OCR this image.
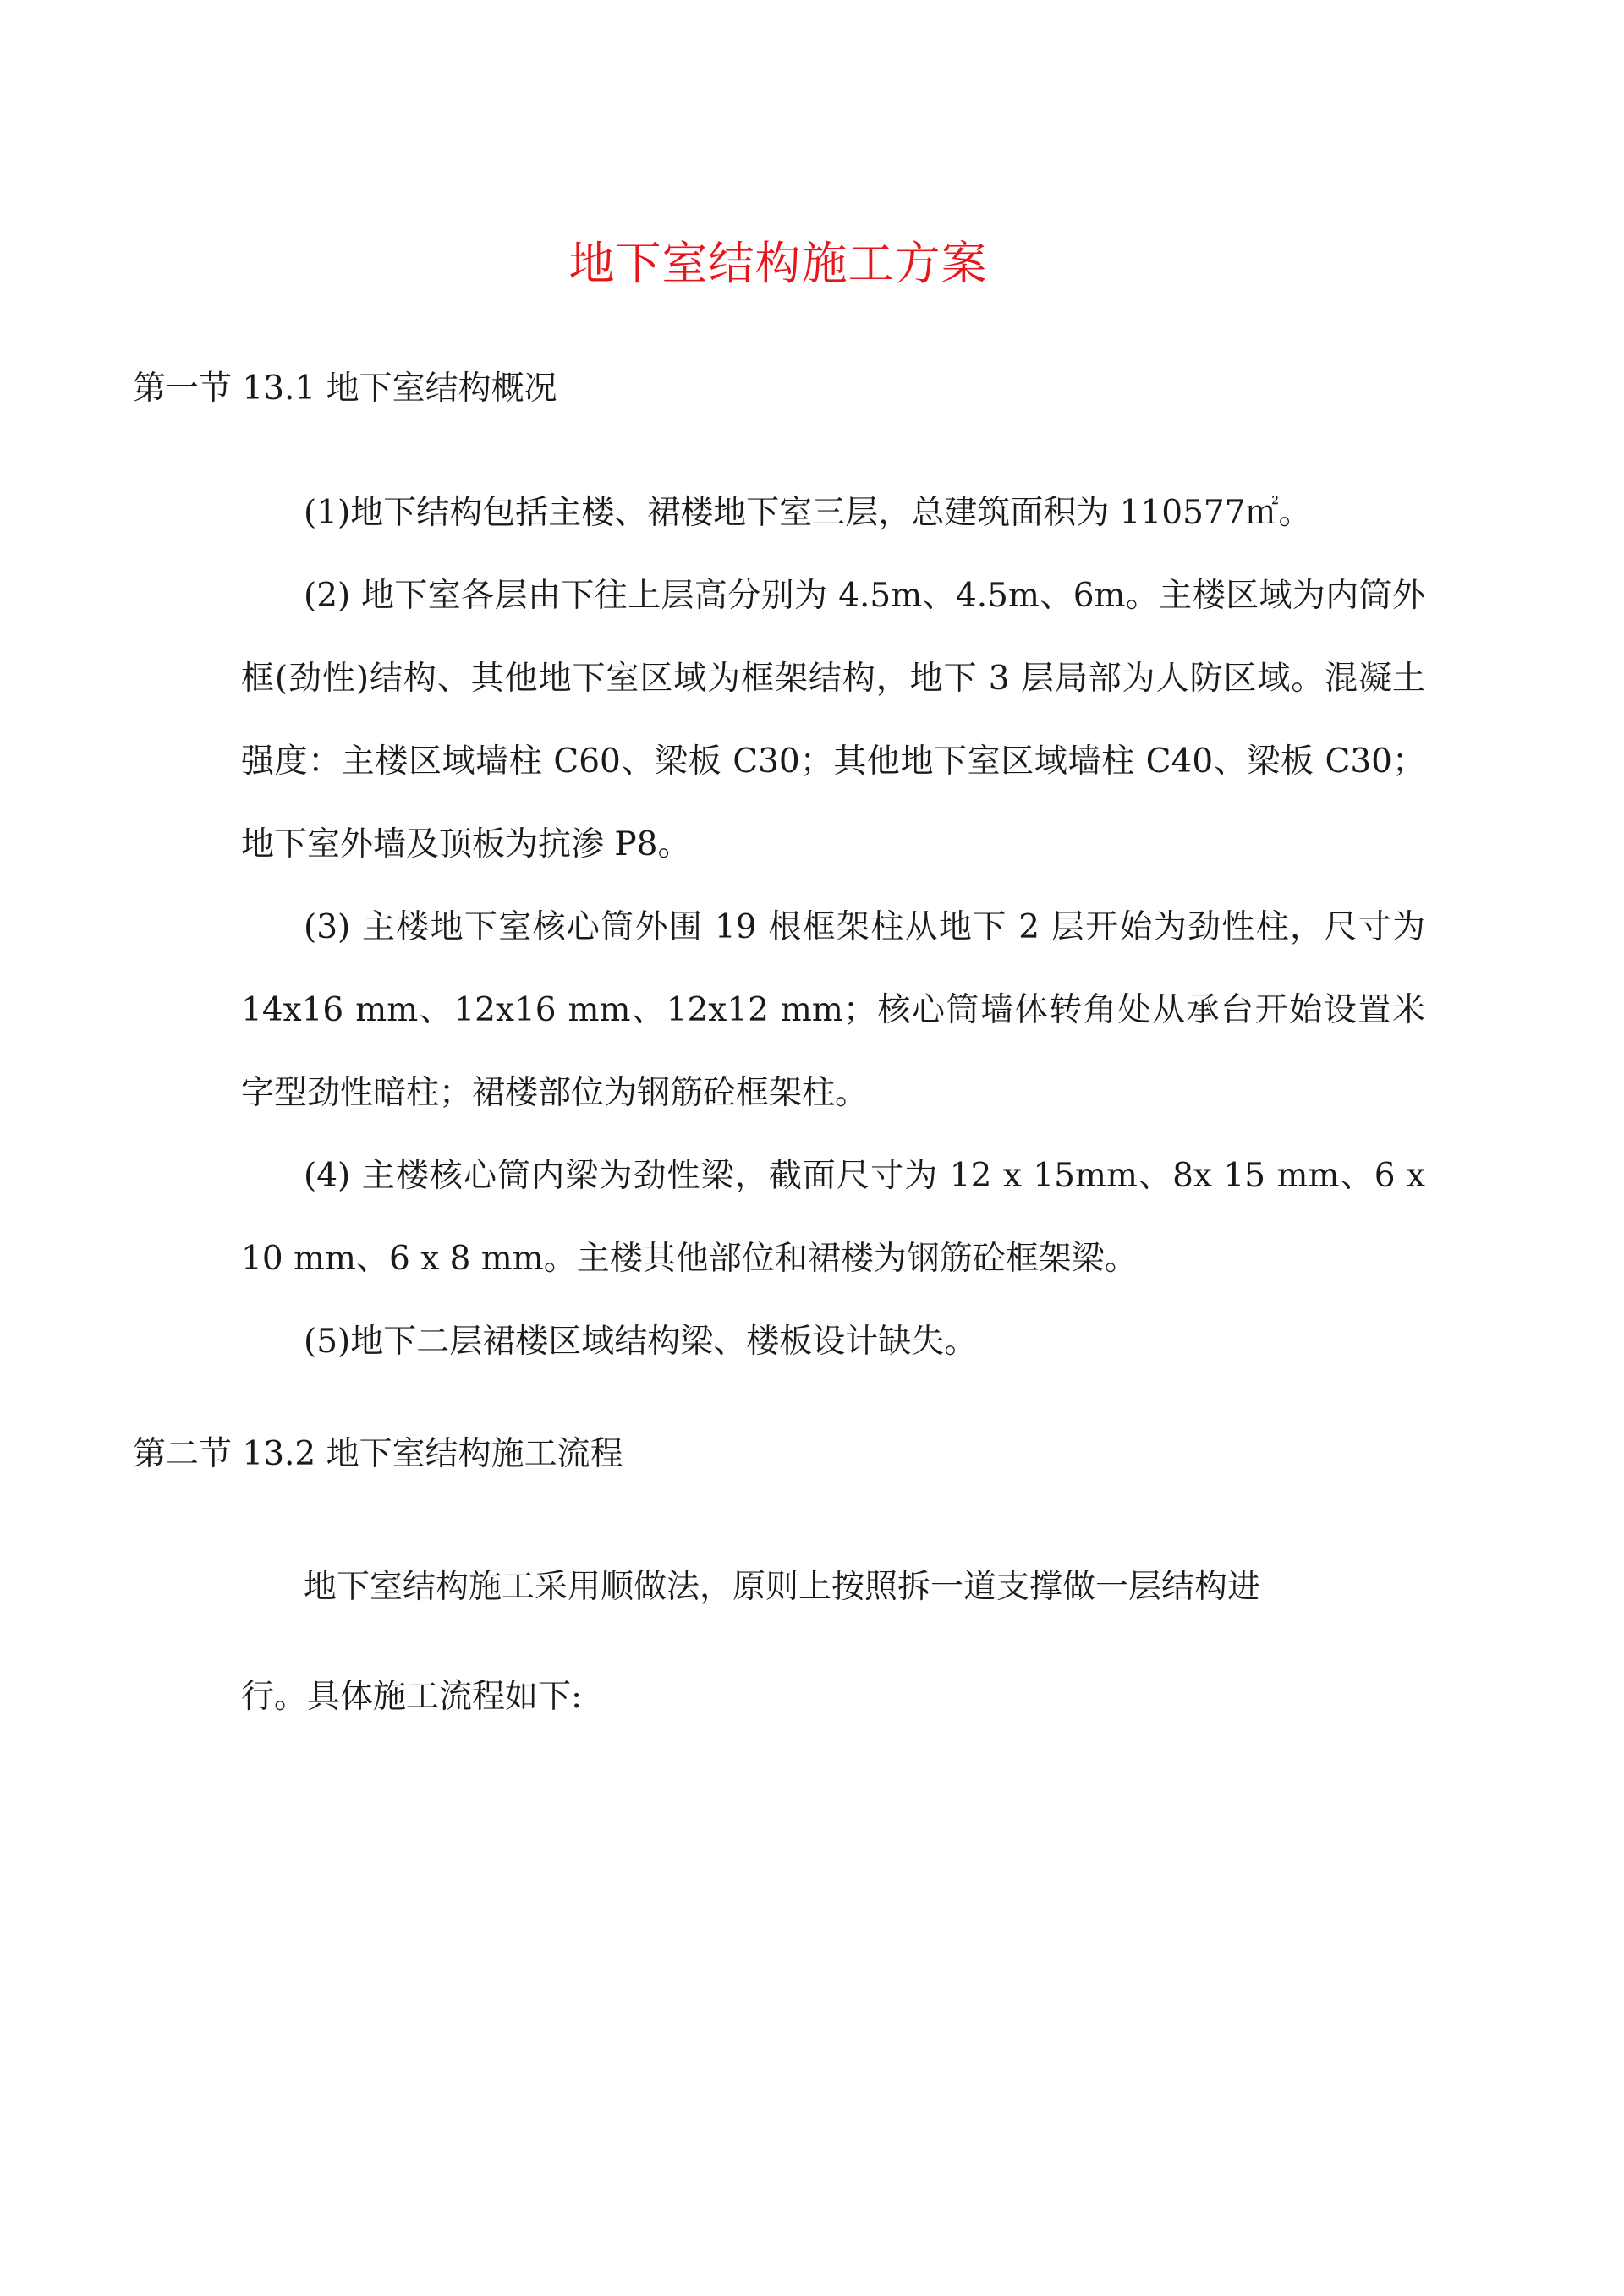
地下室结构施工方案
第一节 13.1 地下室结构概况

(1)地下结构包括主楼、裙楼地下室三层，总建筑面积为 110577㎡。

(2) 地下室各层由下往上层高分别为 4.5m、4.5m、6m。主楼区域为内筒外框(劲性)结构、其他地下室区域为框架结构，地下 3 层局部为人防区域。混凝土强度：主楼区域墙柱 C60、梁板 C30；其他地下室区域墙柱 C40、梁板 C30；地下室外墙及顶板为抗渗 P8。

(3) 主楼地下室核心筒外围 19 根框架柱从地下 2 层开始为劲性柱，尺寸为 14x16 mm、12x16 mm、12x12 mm；核心筒墙体转角处从承台开始设置米字型劲性暗柱；裙楼部位为钢筋砼框架柱。

(4) 主楼核心筒内梁为劲性梁，截面尺寸为 12 x 15mm、8x 15 mm、6 x 10 mm、6 x 8 mm。主楼其他部位和裙楼为钢筋砼框架梁。

(5)地下二层裙楼区域结构梁、楼板设计缺失。

第二节 13.2 地下室结构施工流程

地下室结构施工采用顺做法，原则上按照拆一道支撑做一层结构进行。具体施工流程如下:
